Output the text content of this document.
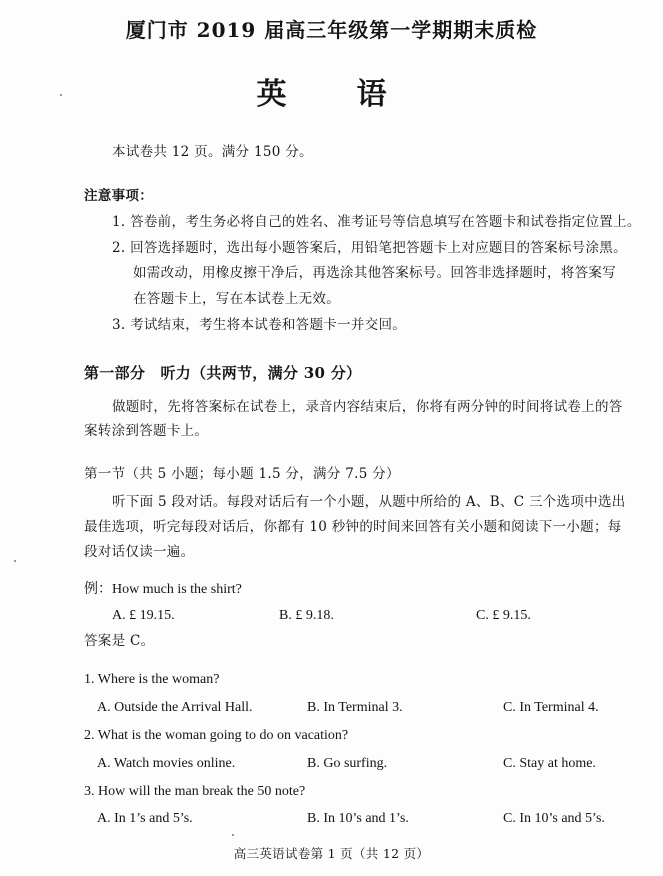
厦门市 2019 届高三年级第一学期期末质检
英　语
本试卷共 12 页。满分 150 分。
注意事项：
1. 答卷前，考生务必将自己的姓名、准考证号等信息填写在答题卡和试卷指定位置上。
2. 回答选择题时，选出每小题答案后，用铅笔把答题卡上对应题目的答案标号涂黑。
如需改动，用橡皮擦干净后，再选涂其他答案标号。回答非选择题时，将答案写
在答题卡上，写在本试卷上无效。
3. 考试结束，考生将本试卷和答题卡一并交回。
第一部分　听力（共两节，满分 30 分）
做题时，先将答案标在试卷上，录音内容结束后，你将有两分钟的时间将试卷上的答
案转涂到答题卡上。
第一节（共 5 小题；每小题 1.5 分，满分 7.5 分）
听下面 5 段对话。每段对话后有一个小题，从题中所给的 A、B、C 三个选项中选出
最佳选项，听完每段对话后，你都有 10 秒钟的时间来回答有关小题和阅读下一小题；每
段对话仅读一遍。
例：How much is the shirt?
A. £ 19.15.	B. £ 9.18.	C. £ 9.15.
答案是 C。
1. Where is the woman?
A. Outside the Arrival Hall.	B. In Terminal 3.	C. In Terminal 4.
2. What is the woman going to do on vacation?
A. Watch movies online.	B. Go surfing.	C. Stay at home.
3. How will the man break the 50 note?
A. In 1’s and 5’s.	B. In 10’s and 1’s.	C. In 10’s and 5’s.
高三英语试卷第 1 页（共 12 页）
